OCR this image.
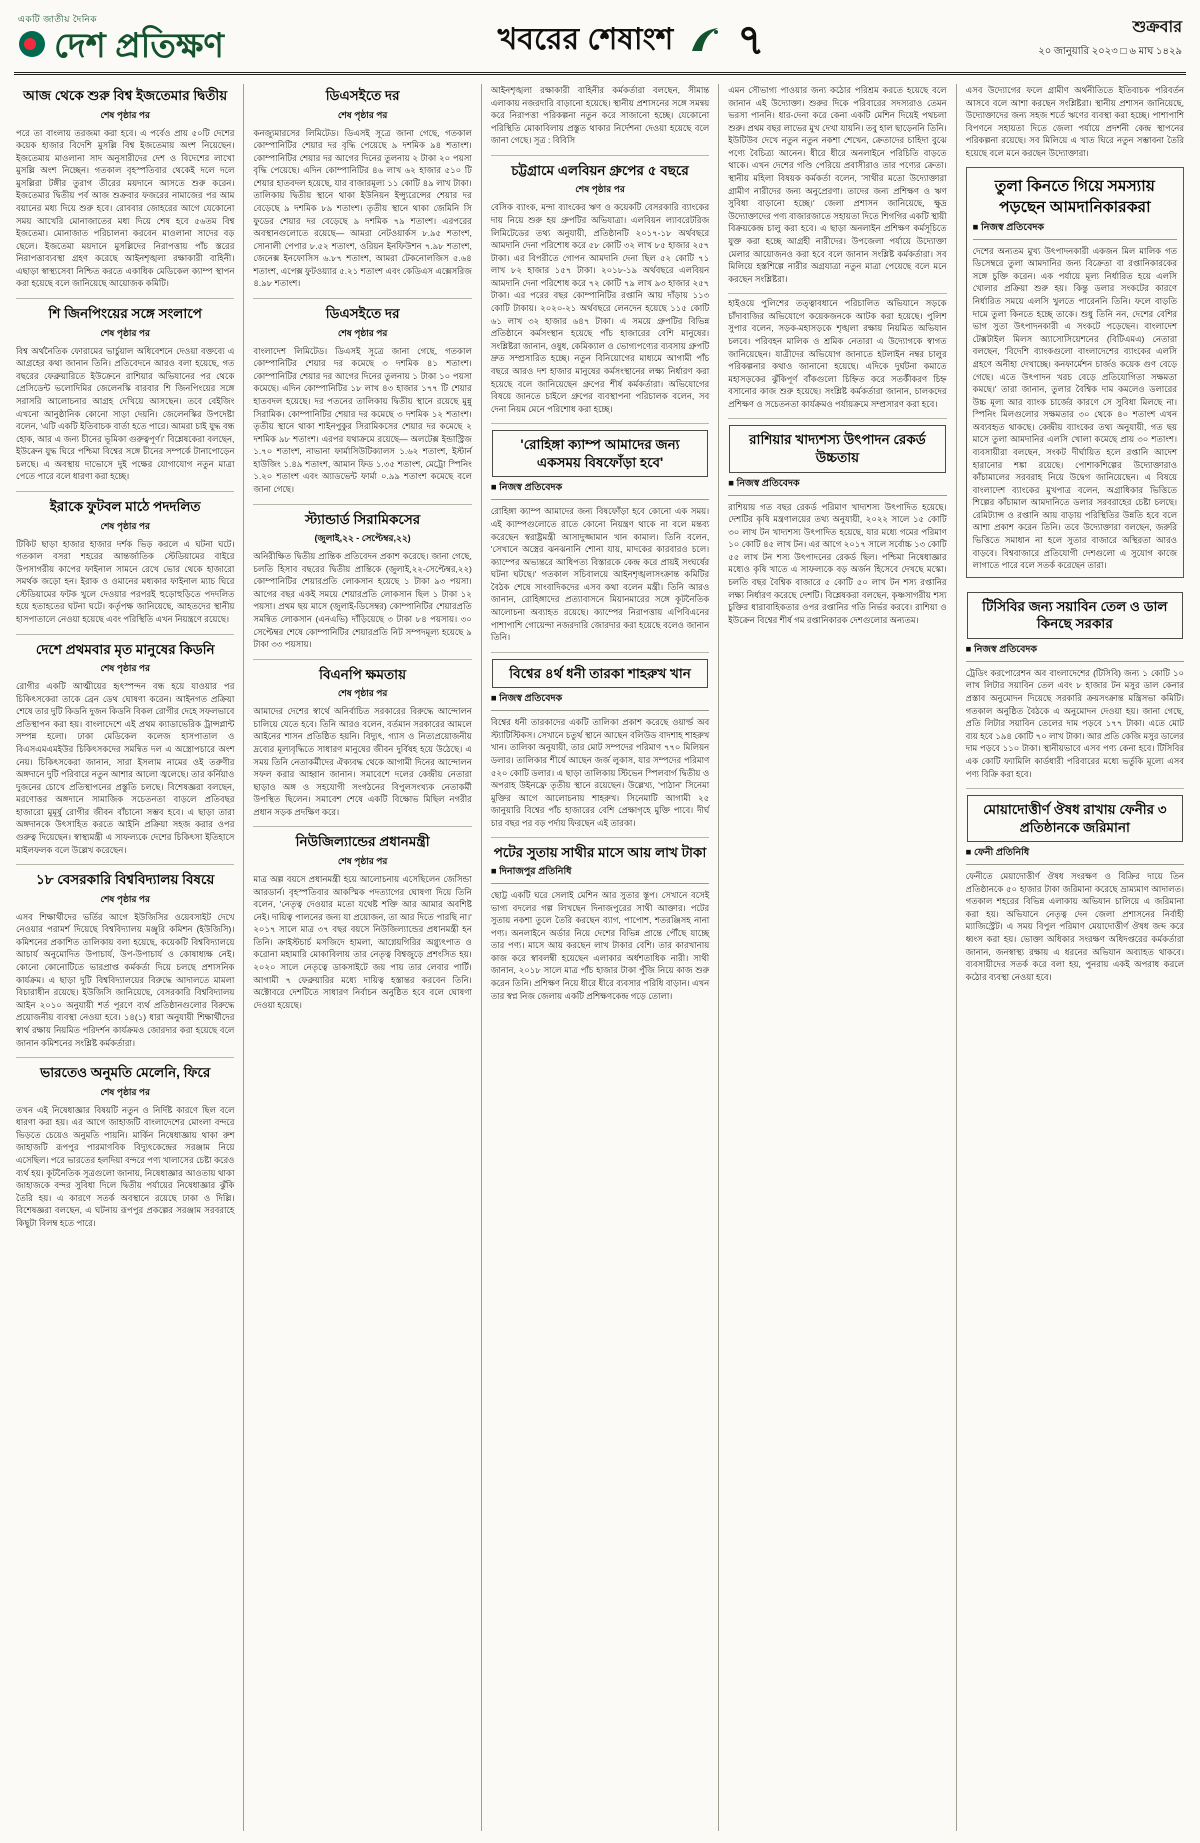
একটি জাতীয় দৈনিক
দেশ প্রতিক্ষণ	খবরের শেষাংশ ৭	শুক্রবার
২০ জানুয়ারি ২০২৩ □ ৬ মাঘ ১৪২৯
আজ থেকে শুরু বিশ্ব ইজতেমার দ্বিতীয়
শেষ পৃষ্ঠার পর

পরে তা বাংলায় তরজমা করা হবে। এ পর্বেও প্রায় ৫০টি দেশের কয়েক হাজার বিদেশি মুসল্লি বিশ্ব ইজতেমায় অংশ নিয়েছেন। ইজতেমায় মাওলানা সাদ অনুসারীদের দেশ ও বিদেশের লাখো মুসল্লি অংশ নিচ্ছেন। গতকাল বৃহস্পতিবার থেকেই দলে দলে মুসল্লিরা টঙ্গীর তুরাগ তীরের ময়দানে আসতে শুরু করেন। ইজতেমার দ্বিতীয় পর্ব আজ শুক্রবার ফজরের নামাজের পর আম বয়ানের মধ্য দিয়ে শুরু হবে। রোববার জোহরের আগে যেকোনো সময় আখেরি মোনাজাতের মধ্য দিয়ে শেষ হবে ৫৬তম বিশ্ব ইজতেমা। মোনাজাত পরিচালনা করবেন মাওলানা সাদের বড় ছেলে। ইজতেমা ময়দানে মুসল্লিদের নিরাপত্তায় পাঁচ স্তরের নিরাপত্তাব্যবস্থা গ্রহণ করেছে আইনশৃঙ্খলা রক্ষাকারী বাহিনী। এছাড়া স্বাস্থ্যসেবা নিশ্চিত করতে একাধিক মেডিকেল ক্যাম্প স্থাপন করা হয়েছে বলে জানিয়েছে আয়োজক কমিটি।

শি জিনপিংয়ের সঙ্গে সংলাপে
শেষ পৃষ্ঠার পর

বিশ্ব অর্থনৈতিক ফোরামের ভার্চুয়াল অধিবেশনে দেওয়া বক্তব্যে এ আগ্রহের কথা জানান তিনি। প্রতিবেদনে আরও বলা হয়েছে, গত বছরের ফেব্রুয়ারিতে ইউক্রেনে রাশিয়ার অভিযানের পর থেকে প্রেসিডেন্ট ভলোদিমির জেলেনস্কি বারবার শি জিনপিংয়ের সঙ্গে সরাসরি আলোচনার আগ্রহ দেখিয়ে আসছেন। তবে বেইজিং এখনো আনুষ্ঠানিক কোনো সাড়া দেয়নি। জেলেনস্কির উপদেষ্টা বলেন, 'এটি একটি ইতিবাচক বার্তা হতে পারে। আমরা চাই যুদ্ধ বন্ধ হোক, আর এ জন্য চীনের ভূমিকা গুরুত্বপূর্ণ।' বিশ্লেষকেরা বলছেন, ইউক্রেন যুদ্ধ ঘিরে পশ্চিমা বিশ্বের সঙ্গে চীনের সম্পর্কে টানাপোড়েন চলছে। এ অবস্থায় দাভোসে দুই পক্ষের যোগাযোগ নতুন মাত্রা পেতে পারে বলে ধারণা করা হচ্ছে।

ইরাকে ফুটবল মাঠে পদদলিত
শেষ পৃষ্ঠার পর

টিকিট ছাড়া হাজার হাজার দর্শক ভিড় করলে এ ঘটনা ঘটে। গতকাল বসরা শহরের আন্তর্জাতিক স্টেডিয়ামের বাইরে উপসাগরীয় কাপের ফাইনাল সামনে রেখে ভোর থেকে হাজারো সমর্থক জড়ো হন। ইরাক ও ওমানের মধ্যকার ফাইনাল ম্যাচ ঘিরে স্টেডিয়ামের ফটক খুলে দেওয়ার পরপরই হুড়োহুড়িতে পদদলিত হয়ে হতাহতের ঘটনা ঘটে। কর্তৃপক্ষ জানিয়েছে, আহতদের স্থানীয় হাসপাতালে নেওয়া হয়েছে এবং পরিস্থিতি এখন নিয়ন্ত্রণে রয়েছে।

দেশে প্রথমবার মৃত মানুষের কিডনি
শেষ পৃষ্ঠার পর

রোগীর একটি আত্মীয়ের হৃৎস্পন্দন বন্ধ হয়ে যাওয়ার পর চিকিৎসকেরা তাকে ব্রেন ডেথ ঘোষণা করেন। আইনগত প্রক্রিয়া শেষে তার দুটি কিডনি দুজন কিডনি বিকল রোগীর দেহে সফলভাবে প্রতিস্থাপন করা হয়। বাংলাদেশে এই প্রথম ক্যাডাভেরিক ট্রান্সপ্লান্ট সম্পন্ন হলো। ঢাকা মেডিকেল কলেজ হাসপাতাল ও বিএসএমএমইউর চিকিৎসকদের সমন্বিত দল এ অস্ত্রোপচারে অংশ নেয়। চিকিৎসকেরা জানান, সারা ইসলাম নামের ওই তরুণীর অঙ্গদানে দুটি পরিবারে নতুন আশার আলো জ্বলেছে। তার কর্নিয়াও দুজনের চোখে প্রতিস্থাপনের প্রস্তুতি চলছে। বিশেষজ্ঞরা বলছেন, মরণোত্তর অঙ্গদানে সামাজিক সচেতনতা বাড়লে প্রতিবছর হাজারো মুমূর্ষু রোগীর জীবন বাঁচানো সম্ভব হবে। এ ছাড়া তারা অঙ্গদানকে উৎসাহিত করতে আইনি প্রক্রিয়া সহজ করার ওপর গুরুত্ব দিয়েছেন। স্বাস্থ্যমন্ত্রী এ সাফল্যকে দেশের চিকিৎসা ইতিহাসে মাইলফলক বলে উল্লেখ করেছেন।

১৮ বেসরকারি বিশ্ববিদ্যালয় বিষয়ে
শেষ পৃষ্ঠার পর

এসব শিক্ষার্থীদের ভর্তির আগে ইউজিসির ওয়েবসাইট দেখে নেওয়ার পরামর্শ দিয়েছে বিশ্ববিদ্যালয় মঞ্জুরি কমিশন (ইউজিসি)। কমিশনের প্রকাশিত তালিকায় বলা হয়েছে, কয়েকটি বিশ্ববিদ্যালয়ে আচার্য অনুমোদিত উপাচার্য, উপ-উপাচার্য ও কোষাধ্যক্ষ নেই। কোনো কোনোটিতে ভারপ্রাপ্ত কর্মকর্তা দিয়ে চলছে প্রশাসনিক কার্যক্রম। এ ছাড়া দুটি বিশ্ববিদ্যালয়ের বিরুদ্ধে আদালতে মামলা বিচারাধীন রয়েছে। ইউজিসি জানিয়েছে, বেসরকারি বিশ্ববিদ্যালয় আইন ২০১০ অনুযায়ী শর্ত পূরণে ব্যর্থ প্রতিষ্ঠানগুলোর বিরুদ্ধে প্রয়োজনীয় ব্যবস্থা নেওয়া হবে। ১৪(১) ধারা অনুযায়ী শিক্ষার্থীদের স্বার্থ রক্ষায় নিয়মিত পরিদর্শন কার্যক্রমও জোরদার করা হয়েছে বলে জানান কমিশনের সংশ্লিষ্ট কর্মকর্তারা।

ভারতেও অনুমতি মেলেনি, ফিরে
শেষ পৃষ্ঠার পর

তখন এই নিষেধাজ্ঞার বিষয়টি নতুন ও নির্দিষ্ট কারণে ছিল বলে ধারণা করা হয়। এর আগে জাহাজটি বাংলাদেশের মোংলা বন্দরে ভিড়তে চেয়েও অনুমতি পায়নি। মার্কিন নিষেধাজ্ঞায় থাকা রুশ জাহাজটি রূপপুর পারমাণবিক বিদ্যুৎকেন্দ্রের সরঞ্জাম নিয়ে এসেছিল। পরে ভারতের হলদিয়া বন্দরে পণ্য খালাসের চেষ্টা করেও ব্যর্থ হয়। কূটনৈতিক সূত্রগুলো জানায়, নিষেধাজ্ঞার আওতায় থাকা জাহাজকে বন্দর সুবিধা দিলে দ্বিতীয় পর্যায়ের নিষেধাজ্ঞার ঝুঁকি তৈরি হয়। এ কারণে সতর্ক অবস্থানে রয়েছে ঢাকা ও দিল্লি। বিশেষজ্ঞরা বলছেন, এ ঘটনায় রূপপুর প্রকল্পের সরঞ্জাম সরবরাহে কিছুটা বিলম্ব হতে পারে।

ডিএসইতে দর
শেষ পৃষ্ঠার পর

কনজ্যুমারসের লিমিটেড। ডিএসই সূত্রে জানা গেছে, গতকাল কোম্পানিটির শেয়ার দর বৃদ্ধি পেয়েছে ৯ দশমিক ৯৪ শতাংশ। কোম্পানিটির শেয়ার দর আগের দিনের তুলনায় ২ টাকা ২০ পয়সা বৃদ্ধি পেয়েছে। এদিন কোম্পানিটির ৪৬ লাখ ৬২ হাজার ৫১০ টি শেয়ার হাতবদল হয়েছে, যার বাজারমূল্য ১১ কোটি ৪৯ লাখ টাকা। তালিকায় দ্বিতীয় স্থানে থাকা ইউনিয়ন ইন্স্যুরেন্সের শেয়ার দর বেড়েছে ৯ দশমিক ৮৯ শতাংশ। তৃতীয় স্থানে থাকা জেমিনি সি ফুডের শেয়ার দর বেড়েছে ৯ দশমিক ৭৯ শতাংশ। এরপরের অবস্থানগুলোতে রয়েছে— আমরা নেটওয়ার্কস ৮.৯৫ শতাংশ, সোনালী পেপার ৮.৫২ শতাংশ, ওরিয়ন ইনফিউশন ৭.৯৮ শতাংশ, জেনেক্স ইনফোসিস ৬.৮৭ শতাংশ, আমরা টেকনোলজিস ৫.৬৪ শতাংশ, এপেক্স ফুটওয়্যার ৫.২১ শতাংশ এবং কেডিএস এক্সেসরিজ ৪.৯৮ শতাংশ।

ডিএসইতে দর
শেষ পৃষ্ঠার পর

বাংলাদেশ লিমিটেড। ডিএসই সূত্রে জানা গেছে, গতকাল কোম্পানিটির শেয়ার দর কমেছে ৩ দশমিক ৪১ শতাংশ। কোম্পানিটির শেয়ার দর আগের দিনের তুলনায় ১ টাকা ১০ পয়সা কমেছে। এদিন কোম্পানিটির ১৮ লাখ ৪৩ হাজার ১৭৭ টি শেয়ার হাতবদল হয়েছে। দর পতনের তালিকায় দ্বিতীয় স্থানে রয়েছে মুন্নু সিরামিক। কোম্পানিটির শেয়ার দর কমেছে ৩ দশমিক ১২ শতাংশ। তৃতীয় স্থানে থাকা শাইনপুকুর সিরামিকসের শেয়ার দর কমেছে ২ দশমিক ৯৮ শতাংশ। এরপর যথাক্রমে রয়েছে— অলটেক্স ইন্ডাস্ট্রিজ ১.৭০ শতাংশ, নাভানা ফার্মাসিউটিক্যালস ১.৬২ শতাংশ, ইস্টার্ন হাউজিং ১.৪৯ শতাংশ, আমান ফিড ১.৩৫ শতাংশ, মেট্রো স্পিনিং ১.২০ শতাংশ এবং অ্যাডভেন্ট ফার্মা ০.৯৯ শতাংশ কমেছে বলে জানা গেছে।

স্ট্যান্ডার্ড সিরামিকসের
(জুলাই,২২ - সেপ্টেম্বর,২২)

অনিরীক্ষিত দ্বিতীয় প্রান্তিক প্রতিবেদন প্রকাশ করেছে। জানা গেছে, চলতি হিসাব বছরের দ্বিতীয় প্রান্তিকে (জুলাই,২২-সেপ্টেম্বর,২২) কোম্পানিটির শেয়ারপ্রতি লোকসান হয়েছে ১ টাকা ৯৩ পয়সা। আগের বছর একই সময়ে শেয়ারপ্রতি লোকসান ছিল ১ টাকা ১২ পয়সা। প্রথম ছয় মাসে (জুলাই-ডিসেম্বর) কোম্পানিটির শেয়ারপ্রতি সমন্বিত লোকসান (এনএভি) দাঁড়িয়েছে ৩ টাকা ৮৪ পয়সায়। ৩০ সেপ্টেম্বর শেষে কোম্পানিটির শেয়ারপ্রতি নিট সম্পদমূল্য হয়েছে ৯ টাকা ৩৩ পয়সায়।

বিএনপি ক্ষমতায়
শেষ পৃষ্ঠার পর

আমাদের দেশের স্বার্থে অনির্বাচিত সরকারের বিরুদ্ধে আন্দোলন চালিয়ে যেতে হবে। তিনি আরও বলেন, বর্তমান সরকারের আমলে আইনের শাসন প্রতিষ্ঠিত হয়নি। বিদ্যুৎ, গ্যাস ও নিত্যপ্রয়োজনীয় দ্রব্যের মূল্যবৃদ্ধিতে সাধারণ মানুষের জীবন দুর্বিষহ হয়ে উঠেছে। এ সময় তিনি নেতাকর্মীদের ঐক্যবদ্ধ থেকে আগামী দিনের আন্দোলন সফল করার আহ্বান জানান। সমাবেশে দলের কেন্দ্রীয় নেতারা ছাড়াও অঙ্গ ও সহযোগী সংগঠনের বিপুলসংখ্যক নেতাকর্মী উপস্থিত ছিলেন। সমাবেশ শেষে একটি বিক্ষোভ মিছিল নগরীর প্রধান সড়ক প্রদক্ষিণ করে।

নিউজিল্যান্ডের প্রধানমন্ত্রী
শেষ পৃষ্ঠার পর

মাত্র অল্প বয়সে প্রধানমন্ত্রী হয়ে আলোচনায় এসেছিলেন জেসিন্ডা আরডার্ন। বৃহস্পতিবার আকস্মিক পদত্যাগের ঘোষণা দিয়ে তিনি বলেন, 'নেতৃত্ব দেওয়ার মতো যথেষ্ট শক্তি আর আমার অবশিষ্ট নেই। দায়িত্ব পালনের জন্য যা প্রয়োজন, তা আর দিতে পারছি না।' ২০১৭ সালে মাত্র ৩৭ বছর বয়সে নিউজিল্যান্ডের প্রধানমন্ত্রী হন তিনি। ক্রাইস্টচার্চ মসজিদে হামলা, আগ্নেয়গিরির অগ্ন্যুৎপাত ও করোনা মহামারি মোকাবিলায় তার নেতৃত্ব বিশ্বজুড়ে প্রশংসিত হয়। ২০২০ সালে নেতৃত্বে ডাকসাইটে জয় পায় তার লেবার পার্টি। আগামী ৭ ফেব্রুয়ারির মধ্যে দায়িত্ব হস্তান্তর করবেন তিনি। অক্টোবরে দেশটিতে সাধারণ নির্বাচন অনুষ্ঠিত হবে বলে ঘোষণা দেওয়া হয়েছে।

আইনশৃঙ্খলা রক্ষাকারী বাহিনীর কর্মকর্তারা বলছেন, সীমান্ত এলাকায় নজরদারি বাড়ানো হয়েছে। স্থানীয় প্রশাসনের সঙ্গে সমন্বয় করে নিরাপত্তা পরিকল্পনা নতুন করে সাজানো হচ্ছে। যেকোনো পরিস্থিতি মোকাবিলায় প্রস্তুত থাকার নির্দেশনা দেওয়া হয়েছে বলে জানা গেছে। সূত্র : বিবিসি

চট্টগ্রামে এলবিয়ন গ্রুপের ৫ বছরে
শেষ পৃষ্ঠার পর

বেসিক ব্যাংক, মন্দা ব্যাংকের ঋণ ও কয়েকটি বেসরকারি ব্যাংকের দায় নিয়ে শুরু হয় গ্রুপটির অভিযাত্রা। এলবিয়ন ল্যাবরেটরিজ লিমিটেডের তথ্য অনুযায়ী, প্রতিষ্ঠানটি ২০১৭-১৮ অর্থবছরে আমদানি দেনা পরিশোধ করে ৫৮ কোটি ৩২ লাখ ৮৫ হাজার ২৫৭ টাকা। এর বিপরীতে গোপন আমদানি দেনা ছিল ৫২ কোটি ৭১ লাখ ৮২ হাজার ১৫৭ টাকা। ২০১৮-১৯ অর্থবছরে এলবিয়ন আমদানি দেনা পরিশোধ করে ৭২ কোটি ৭৯ লাখ ৯৩ হাজার ২৫৭ টাকা। এর পরের বছর কোম্পানিটির রপ্তানি আয় দাঁড়ায় ১১৩ কোটি টাকায়। ২০২০-২১ অর্থবছরে লেনদেন হয়েছে ১১৫ কোটি ৬১ লাখ ৩২ হাজার ৬৪৭ টাকা। এ সময়ে গ্রুপটির বিভিন্ন প্রতিষ্ঠানে কর্মসংস্থান হয়েছে পাঁচ হাজারের বেশি মানুষের। সংশ্লিষ্টরা জানান, ওষুধ, কেমিক্যাল ও ভোগ্যপণ্যের ব্যবসায় গ্রুপটি দ্রুত সম্প্রসারিত হচ্ছে। নতুন বিনিয়োগের মাধ্যমে আগামী পাঁচ বছরে আরও দশ হাজার মানুষের কর্মসংস্থানের লক্ষ্য নির্ধারণ করা হয়েছে বলে জানিয়েছেন গ্রুপের শীর্ষ কর্মকর্তারা। অভিযোগের বিষয়ে জানতে চাইলে গ্রুপের ব্যবস্থাপনা পরিচালক বলেন, সব দেনা নিয়ম মেনে পরিশোধ করা হচ্ছে।

'রোহিঙ্গা ক্যাম্প আমাদের জন্য একসময় বিষফোঁড়া হবে'
■ নিজস্ব প্রতিবেদক

রোহিঙ্গা ক্যাম্প আমাদের জন্য বিষফোঁড়া হবে কোনো এক সময়। এই ক্যাম্পগুলোতে রাতে কোনো নিয়ন্ত্রণ থাকে না বলে মন্তব্য করেছেন স্বরাষ্ট্রমন্ত্রী আসাদুজ্জামান খান কামাল। তিনি বলেন, 'সেখানে অস্ত্রের ঝনঝনানি শোনা যায়, মাদকের কারবারও চলে। ক্যাম্পের অভ্যন্তরে আধিপত্য বিস্তারকে কেন্দ্র করে প্রায়ই সংঘর্ষের ঘটনা ঘটছে।' গতকাল সচিবালয়ে আইনশৃঙ্খলাসংক্রান্ত কমিটির বৈঠক শেষে সাংবাদিকদের এসব কথা বলেন মন্ত্রী। তিনি আরও জানান, রোহিঙ্গাদের প্রত্যাবাসনে মিয়ানমারের সঙ্গে কূটনৈতিক আলোচনা অব্যাহত রয়েছে। ক্যাম্পের নিরাপত্তায় এপিবিএনের পাশাপাশি গোয়েন্দা নজরদারি জোরদার করা হয়েছে বলেও জানান তিনি।

বিশ্বের ৪র্থ ধনী তারকা শাহরুখ খান
■ নিজস্ব প্রতিবেদক

বিশ্বের ধনী তারকাদের একটি তালিকা প্রকাশ করেছে ওয়ার্ল্ড অব স্ট্যাটিস্টিকস। সেখানে চতুর্থ স্থানে আছেন বলিউড বাদশাহ শাহরুখ খান। তালিকা অনুযায়ী, তার মোট সম্পদের পরিমাণ ৭৭০ মিলিয়ন ডলার। তালিকার শীর্ষে আছেন জর্জ লুকাস, যার সম্পদের পরিমাণ ৫২০ কোটি ডলার। এ ছাড়া তালিকায় স্টিভেন স্পিলবার্গ দ্বিতীয় ও অপরাহ উইনফ্রে তৃতীয় স্থানে রয়েছেন। উল্লেখ্য, 'পাঠান' সিনেমা মুক্তির আগে আলোচনায় শাহরুখ। সিনেমাটি আগামী ২৫ জানুয়ারি বিশ্বের পাঁচ হাজারের বেশি প্রেক্ষাগৃহে মুক্তি পাবে। দীর্ঘ চার বছর পর বড় পর্দায় ফিরছেন এই তারকা।

পটের সুতায় সাথীর মাসে আয় লাখ টাকা
■ দিনাজপুর প্রতিনিধি

ছোট্ট একটি ঘরে সেলাই মেশিন আর সুতার স্তূপ। সেখানে বসেই ভাগ্য বদলের গল্প লিখছেন দিনাজপুরের সাথী আক্তার। পটের সুতায় নকশা তুলে তৈরি করছেন ব্যাগ, পাপোশ, শতরঞ্জিসহ নানা পণ্য। অনলাইনে অর্ডার নিয়ে দেশের বিভিন্ন প্রান্তে পৌঁছে যাচ্ছে তার পণ্য। মাসে আয় করছেন লাখ টাকার বেশি। তার কারখানায় কাজ করে স্বাবলম্বী হয়েছেন এলাকার অর্ধশতাধিক নারী। সাথী জানান, ২০১৮ সালে মাত্র পাঁচ হাজার টাকা পুঁজি নিয়ে কাজ শুরু করেন তিনি। প্রশিক্ষণ নিয়ে ধীরে ধীরে ব্যবসার পরিধি বাড়ান। এখন তার স্বপ্ন নিজ জেলায় একটি প্রশিক্ষণকেন্দ্র গড়ে তোলা।

এমন সৌভাগ্য পাওয়ার জন্য কঠোর পরিশ্রম করতে হয়েছে বলে জানান এই উদ্যোক্তা। শুরুর দিকে পরিবারের সদস্যরাও তেমন ভরসা পাননি। ধার-দেনা করে কেনা একটি মেশিন দিয়েই পথচলা শুরু। প্রথম বছর লাভের মুখ দেখা যায়নি। তবু হাল ছাড়েননি তিনি। ইউটিউব দেখে নতুন নতুন নকশা শেখেন, ক্রেতাদের চাহিদা বুঝে পণ্যে বৈচিত্র্য আনেন। ধীরে ধীরে অনলাইনে পরিচিতি বাড়তে থাকে। এখন দেশের গণ্ডি পেরিয়ে প্রবাসীরাও তার পণ্যের ক্রেতা। স্থানীয় মহিলা বিষয়ক কর্মকর্তা বলেন, 'সাথীর মতো উদ্যোক্তারা গ্রামীণ নারীদের জন্য অনুপ্রেরণা। তাদের জন্য প্রশিক্ষণ ও ঋণ সুবিধা বাড়ানো হচ্ছে।' জেলা প্রশাসন জানিয়েছে, ক্ষুদ্র উদ্যোক্তাদের পণ্য বাজারজাতে সহায়তা দিতে শিগগির একটি স্থায়ী বিক্রয়কেন্দ্র চালু করা হবে। এ ছাড়া অনলাইন প্রশিক্ষণ কর্মসূচিতে যুক্ত করা হচ্ছে আগ্রহী নারীদের। উপজেলা পর্যায়ে উদ্যোক্তা মেলার আয়োজনও করা হবে বলে জানান সংশ্লিষ্ট কর্মকর্তারা। সব মিলিয়ে হস্তশিল্পে নারীর অগ্রযাত্রা নতুন মাত্রা পেয়েছে বলে মনে করছেন সংশ্লিষ্টরা।

হাইওয়ে পুলিশের তত্ত্বাবধানে পরিচালিত অভিযানে সড়কে চাঁদাবাজির অভিযোগে কয়েকজনকে আটক করা হয়েছে। পুলিশ সুপার বলেন, সড়ক-মহাসড়কে শৃঙ্খলা রক্ষায় নিয়মিত অভিযান চলবে। পরিবহন মালিক ও শ্রমিক নেতারা এ উদ্যোগকে স্বাগত জানিয়েছেন। যাত্রীদের অভিযোগ জানাতে হটলাইন নম্বর চালুর পরিকল্পনার কথাও জানানো হয়েছে। এদিকে দুর্ঘটনা কমাতে মহাসড়কের ঝুঁকিপূর্ণ বাঁকগুলো চিহ্নিত করে সতর্কীকরণ চিহ্ন বসানোর কাজ শুরু হয়েছে। সংশ্লিষ্ট কর্মকর্তারা জানান, চালকদের প্রশিক্ষণ ও সচেতনতা কার্যক্রমও পর্যায়ক্রমে সম্প্রসারণ করা হবে।

রাশিয়ার খাদ্যশস্য উৎপাদন রেকর্ড উচ্চতায়
■ নিজস্ব প্রতিবেদক

রাশিয়ায় গত বছর রেকর্ড পরিমাণ খাদ্যশস্য উৎপাদিত হয়েছে। দেশটির কৃষি মন্ত্রণালয়ের তথ্য অনুযায়ী, ২০২২ সালে ১৫ কোটি ৩০ লাখ টন খাদ্যশস্য উৎপাদিত হয়েছে, যার মধ্যে গমের পরিমাণ ১০ কোটি ৪৫ লাখ টন। এর আগে ২০১৭ সালে সর্বোচ্চ ১৩ কোটি ৫৫ লাখ টন শস্য উৎপাদনের রেকর্ড ছিল। পশ্চিমা নিষেধাজ্ঞার মধ্যেও কৃষি খাতে এ সাফল্যকে বড় অর্জন হিসেবে দেখছে মস্কো। চলতি বছর বৈশ্বিক বাজারে ৫ কোটি ৫০ লাখ টন শস্য রপ্তানির লক্ষ্য নির্ধারণ করেছে দেশটি। বিশ্লেষকরা বলছেন, কৃষ্ণসাগরীয় শস্য চুক্তির ধারাবাহিকতার ওপর রপ্তানির গতি নির্ভর করবে। রাশিয়া ও ইউক্রেন বিশ্বের শীর্ষ গম রপ্তানিকারক দেশগুলোর অন্যতম।

এসব উদ্যোগের ফলে গ্রামীণ অর্থনীতিতে ইতিবাচক পরিবর্তন আসবে বলে আশা করছেন সংশ্লিষ্টরা। স্থানীয় প্রশাসন জানিয়েছে, উদ্যোক্তাদের জন্য সহজ শর্তে ঋণের ব্যবস্থা করা হচ্ছে। পাশাপাশি বিপণনে সহায়তা দিতে জেলা পর্যায়ে প্রদর্শনী কেন্দ্র স্থাপনের পরিকল্পনা রয়েছে। সব মিলিয়ে এ খাত ঘিরে নতুন সম্ভাবনা তৈরি হয়েছে বলে মনে করছেন উদ্যোক্তারা।

তুলা কিনতে গিয়ে সমস্যায় পড়ছেন আমদানিকারকরা
■ নিজস্ব প্রতিবেদক

দেশের অন্যতম মুখ্য উৎপাদনকারী একজন মিল মালিক গত ডিসেম্বরে তুলা আমদানির জন্য বিক্রেতা বা রপ্তানিকারকের সঙ্গে চুক্তি করেন। এক পর্যায়ে মূল্য নির্ধারিত হয়ে এলসি খোলার প্রক্রিয়া শুরু হয়। কিন্তু ডলার সংকটের কারণে নির্ধারিত সময়ে এলসি খুলতে পারেননি তিনি। ফলে বাড়তি দামে তুলা কিনতে হচ্ছে তাকে। শুধু তিনি নন, দেশের বেশির ভাগ সুতা উৎপাদনকারী এ সংকটে পড়েছেন। বাংলাদেশ টেক্সটাইল মিলস অ্যাসোসিয়েশনের (বিটিএমএ) নেতারা বলছেন, 'বিদেশি ব্যাংকগুলো বাংলাদেশের ব্যাংকের এলসি গ্রহণে অনীহা দেখাচ্ছে। কনফার্মেশন চার্জও কয়েক গুণ বেড়ে গেছে। এতে উৎপাদন খরচ বেড়ে প্রতিযোগিতা সক্ষমতা কমছে।' তারা জানান, তুলার বৈশ্বিক দাম কমলেও ডলারের উচ্চ মূল্য আর ব্যাংক চার্জের কারণে সে সুবিধা মিলছে না। স্পিনিং মিলগুলোর সক্ষমতার ৩০ থেকে ৪০ শতাংশ এখন অব্যবহৃত থাকছে। কেন্দ্রীয় ব্যাংকের তথ্য অনুযায়ী, গত ছয় মাসে তুলা আমদানির এলসি খোলা কমেছে প্রায় ৩০ শতাংশ। ব্যবসায়ীরা বলছেন, সংকট দীর্ঘায়িত হলে রপ্তানি আদেশ হারানোর শঙ্কা রয়েছে। পোশাকশিল্পের উদ্যোক্তারাও কাঁচামালের সরবরাহ নিয়ে উদ্বেগ জানিয়েছেন। এ বিষয়ে বাংলাদেশ ব্যাংকের মুখপাত্র বলেন, অগ্রাধিকার ভিত্তিতে শিল্পের কাঁচামাল আমদানিতে ডলার সরবরাহের চেষ্টা চলছে। রেমিট্যান্স ও রপ্তানি আয় বাড়ায় পরিস্থিতির উন্নতি হবে বলে আশা প্রকাশ করেন তিনি। তবে উদ্যোক্তারা বলছেন, জরুরি ভিত্তিতে সমাধান না হলে সুতার বাজারে অস্থিরতা আরও বাড়বে। বিশ্ববাজারে প্রতিযোগী দেশগুলো এ সুযোগ কাজে লাগাতে পারে বলে সতর্ক করেছেন তারা।

টিসিবির জন্য সয়াবিন তেল ও ডাল কিনছে সরকার
■ নিজস্ব প্রতিবেদক

ট্রেডিং করপোরেশন অব বাংলাদেশের (টিসিবি) জন্য ১ কোটি ১০ লাখ লিটার সয়াবিন তেল এবং ৮ হাজার টন মসুর ডাল কেনার প্রস্তাব অনুমোদন দিয়েছে সরকারি ক্রয়সংক্রান্ত মন্ত্রিসভা কমিটি। গতকাল অনুষ্ঠিত বৈঠকে এ অনুমোদন দেওয়া হয়। জানা গেছে, প্রতি লিটার সয়াবিন তেলের দাম পড়বে ১৭৭ টাকা। এতে মোট ব্যয় হবে ১৯৪ কোটি ৭০ লাখ টাকা। আর প্রতি কেজি মসুর ডালের দাম পড়বে ১১০ টাকা। স্থানীয়ভাবে এসব পণ্য কেনা হবে। টিসিবির এক কোটি ফ্যামিলি কার্ডধারী পরিবারের মধ্যে ভর্তুকি মূল্যে এসব পণ্য বিক্রি করা হবে।

মোয়াদোত্তীর্ণ ঔষধ রাখায় ফেনীর ৩ প্রতিষ্ঠানকে জরিমানা
■ ফেনী প্রতিনিধি

ফেনীতে মেয়াদোত্তীর্ণ ঔষধ সংরক্ষণ ও বিক্রির দায়ে তিন প্রতিষ্ঠানকে ৫০ হাজার টাকা জরিমানা করেছে ভ্রাম্যমাণ আদালত। গতকাল শহরের বিভিন্ন এলাকায় অভিযান চালিয়ে এ জরিমানা করা হয়। অভিযানে নেতৃত্ব দেন জেলা প্রশাসনের নির্বাহী ম্যাজিস্ট্রেট। এ সময় বিপুল পরিমাণ মেয়াদোত্তীর্ণ ঔষধ জব্দ করে ধ্বংস করা হয়। ভোক্তা অধিকার সংরক্ষণ অধিদপ্তরের কর্মকর্তারা জানান, জনস্বাস্থ্য রক্ষায় এ ধরনের অভিযান অব্যাহত থাকবে। ব্যবসায়ীদের সতর্ক করে বলা হয়, পুনরায় একই অপরাধ করলে কঠোর ব্যবস্থা নেওয়া হবে।
